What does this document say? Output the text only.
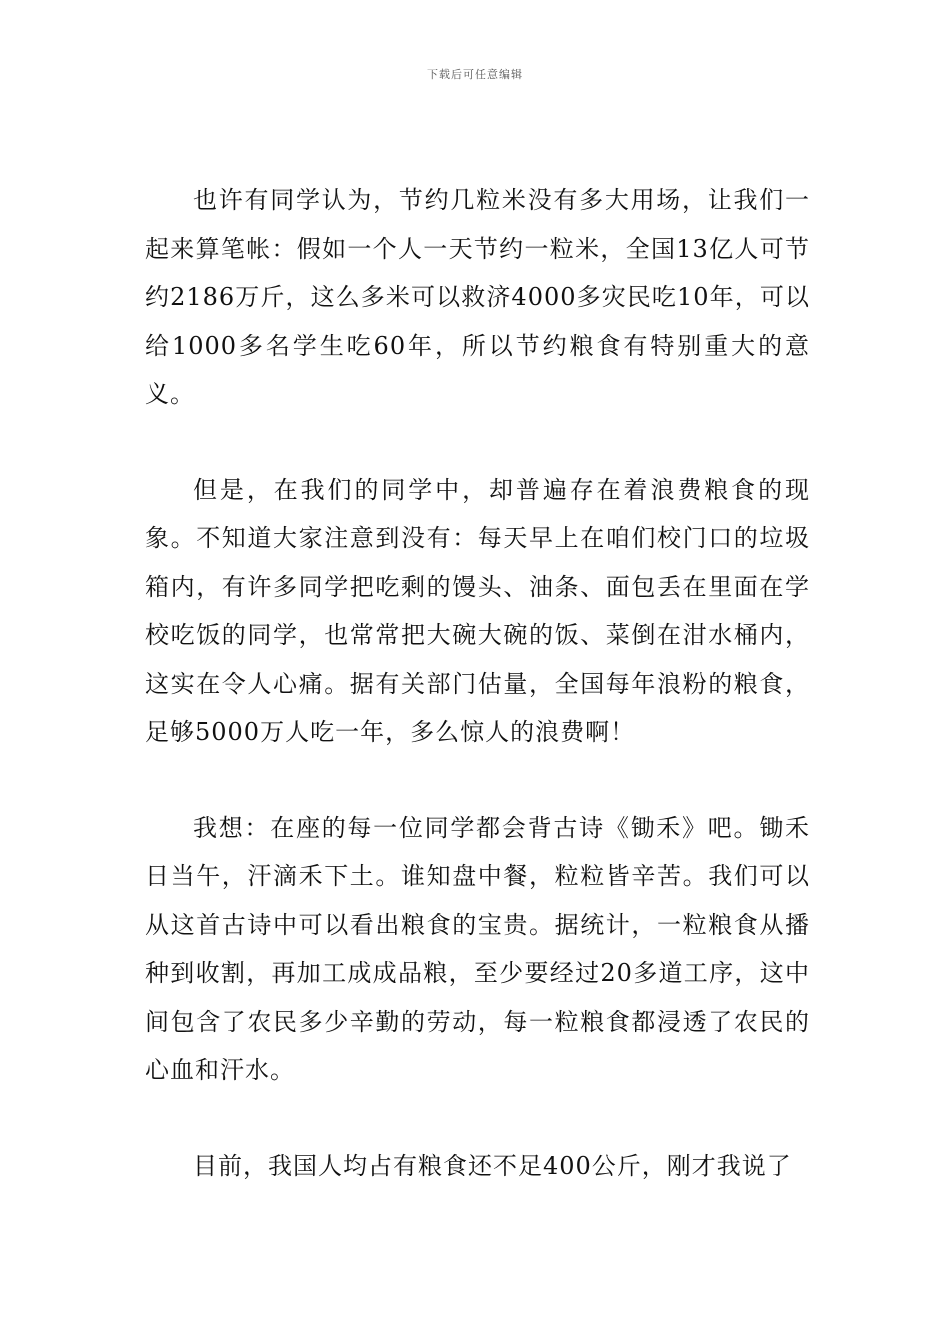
下载后可任意编辑

也许有同学认为，节约几粒米没有多大用场，让我们一起来算笔帐：假如一个人一天节约一粒米，全国13亿人可节约2186万斤，这么多米可以救济4000多灾民吃10年，可以给1000多名学生吃60年，所以节约粮食有特别重大的意义。

但是，在我们的同学中，却普遍存在着浪费粮食的现象。不知道大家注意到没有：每天早上在咱们校门口的垃圾箱内，有许多同学把吃剩的馒头、油条、面包丢在里面在学校吃饭的同学，也常常把大碗大碗的饭、菜倒在泔水桶内，这实在令人心痛。据有关部门估量，全国每年浪粉的粮食，足够5000万人吃一年，多么惊人的浪费啊！

我想：在座的每一位同学都会背古诗《锄禾》吧。锄禾日当午，汗滴禾下土。谁知盘中餐，粒粒皆辛苦。我们可以从这首古诗中可以看出粮食的宝贵。据统计，一粒粮食从播种到收割，再加工成成品粮，至少要经过20多道工序，这中间包含了农民多少辛勤的劳动，每一粒粮食都浸透了农民的心血和汗水。

目前，我国人均占有粮食还不足400公斤，刚才我说了
